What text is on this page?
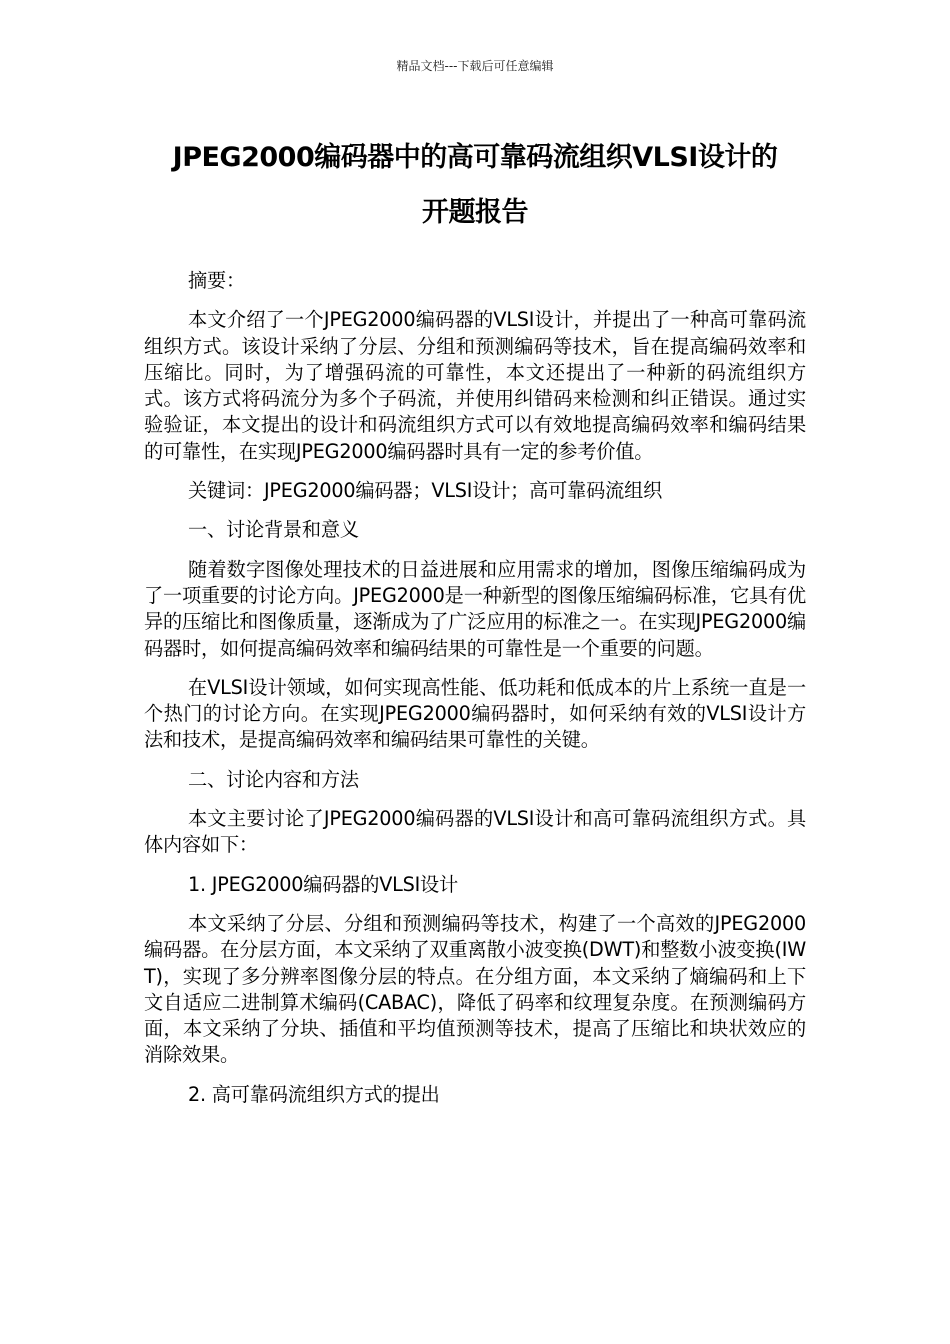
精品文档---下载后可任意编辑
JPEG2000编码器中的高可靠码流组织VLSI设计的
开题报告

摘要：

本文介绍了一个JPEG2000编码器的VLSI设计，并提出了一种高可靠码流组织方式。该设计采纳了分层、分组和预测编码等技术，旨在提高编码效率和压缩比。同时，为了增强码流的可靠性，本文还提出了一种新的码流组织方式。该方式将码流分为多个子码流，并使用纠错码来检测和纠正错误。通过实验验证，本文提出的设计和码流组织方式可以有效地提高编码效率和编码结果的可靠性，在实现JPEG2000编码器时具有一定的参考价值。

关键词：JPEG2000编码器；VLSI设计；高可靠码流组织

一、讨论背景和意义

随着数字图像处理技术的日益进展和应用需求的增加，图像压缩编码成为了一项重要的讨论方向。JPEG2000是一种新型的图像压缩编码标准，它具有优异的压缩比和图像质量，逐渐成为了广泛应用的标准之一。在实现JPEG2000编码器时，如何提高编码效率和编码结果的可靠性是一个重要的问题。

在VLSI设计领域，如何实现高性能、低功耗和低成本的片上系统一直是一个热门的讨论方向。在实现JPEG2000编码器时，如何采纳有效的VLSI设计方法和技术，是提高编码效率和编码结果可靠性的关键。

二、讨论内容和方法

本文主要讨论了JPEG2000编码器的VLSI设计和高可靠码流组织方式。具体内容如下：

1. JPEG2000编码器的VLSI设计

本文采纳了分层、分组和预测编码等技术，构建了一个高效的JPEG2000编码器。在分层方面，本文采纳了双重离散小波变换(DWT)和整数小波变换(IWT)，实现了多分辨率图像分层的特点。在分组方面，本文采纳了熵编码和上下文自适应二进制算术编码(CABAC)，降低了码率和纹理复杂度。在预测编码方面，本文采纳了分块、插值和平均值预测等技术，提高了压缩比和块状效应的消除效果。

2. 高可靠码流组织方式的提出
